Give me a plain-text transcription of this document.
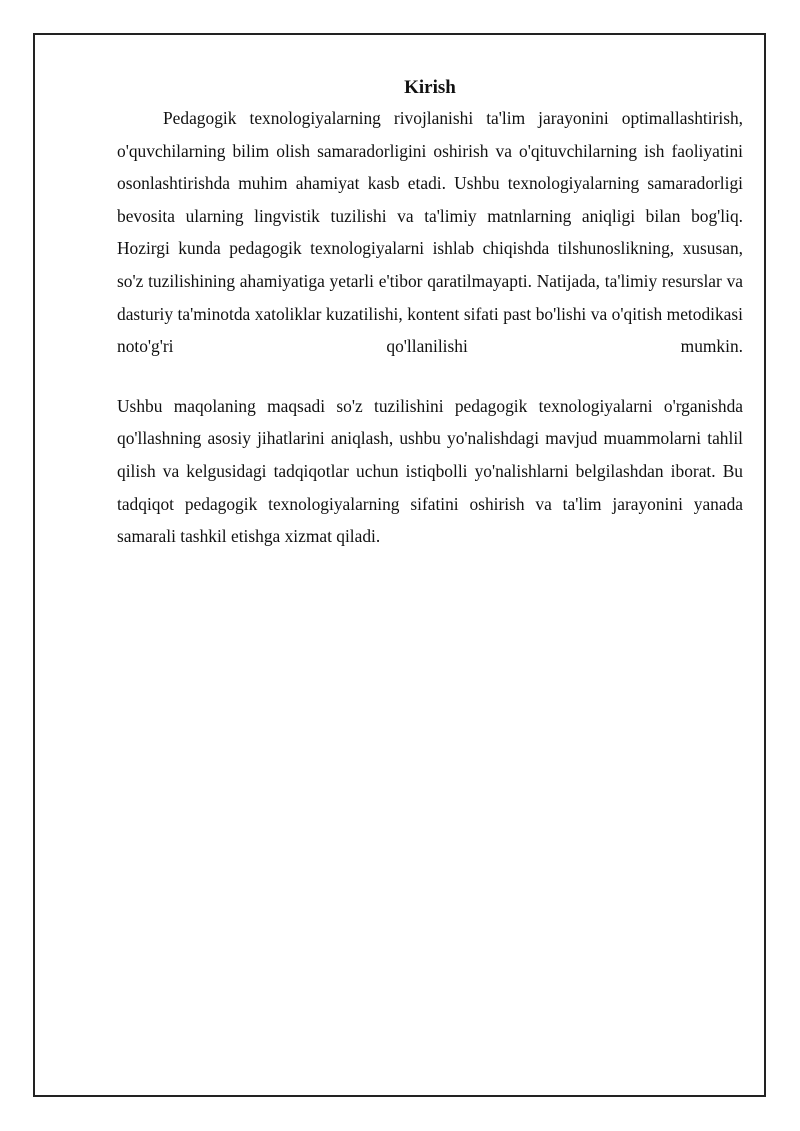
Kirish

Pedagogik texnologiyalarning rivojlanishi ta'lim jarayonini optimallashtirish, o'quvchilarning bilim olish samaradorligini oshirish va o'qituvchilarning ish faoliyatini osonlashtirishda muhim ahamiyat kasb etadi. Ushbu texnologiyalarning samaradorligi bevosita ularning lingvistik tuzilishi va ta'limiy matnlarning aniqligi bilan bog'liq. Hozirgi kunda pedagogik texnologiyalarni ishlab chiqishda tilshunoslikning, xususan, so'z tuzilishining ahamiyatiga yetarli e'tibor qaratilmayapti. Natijada, ta'limiy resurslar va dasturiy ta'minotda xatoliklar kuzatilishi, kontent sifati past bo'lishi va o'qitish metodikasi noto'g'ri qo'llanilishi mumkin.

Ushbu maqolaning maqsadi so'z tuzilishini pedagogik texnologiyalarni o'rganishda qo'llashning asosiy jihatlarini aniqlash, ushbu yo'nalishdagi mavjud muammolarni tahlil qilish va kelgusidagi tadqiqotlar uchun istiqbolli yo'nalishlarni belgilashdan iborat. Bu tadqiqot pedagogik texnologiyalarning sifatini oshirish va ta'lim jarayonini yanada samarali tashkil etishga xizmat qiladi.
